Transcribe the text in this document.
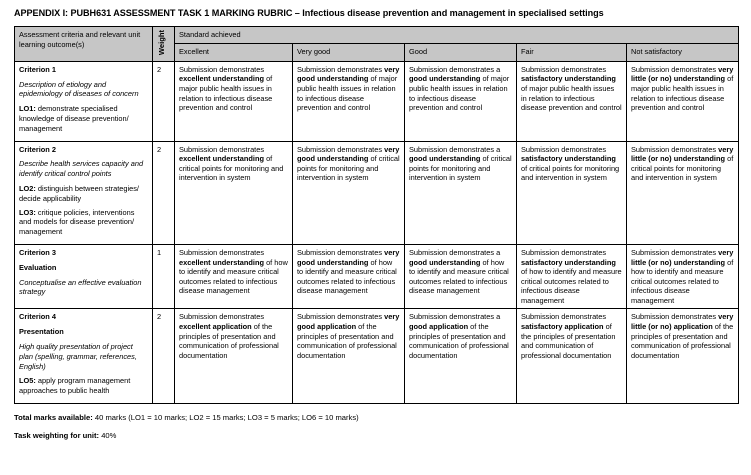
APPENDIX I: PUBH631 ASSESSMENT TASK 1 MARKING RUBRIC – Infectious disease prevention and management in specialised settings
Assessment criteria and relevant unit learning outcome(s)	Weight	Standard achieved				
		Excellent	Very good	Good	Fair	Not satisfactory

Criterion 1
Description of etiology and epidemiology of diseases of concern
LO1: demonstrate specialised knowledge of disease prevention/ management	2	Submission demonstrates excellent understanding of major public health issues in relation to infectious disease prevention and control	Submission demonstrates very good understanding of major public health issues in relation to infectious disease prevention and control	Submission demonstrates a good understanding of major public health issues in relation to infectious disease prevention and control	Submission demonstrates satisfactory understanding of major public health issues in relation to infectious disease prevention and control	Submission demonstrates very little (or no) understanding of major public health issues in relation to infectious disease prevention and control

Criterion 2
Describe health services capacity and identify critical control points
LO2: distinguish between strategies/ decide applicability
LO3: critique policies, interventions and models for disease prevention/ management	2	Submission demonstrates excellent understanding of critical points for monitoring and intervention in system	Submission demonstrates very good understanding of critical points for monitoring and intervention in system	Submission demonstrates a good understanding of critical points for monitoring and intervention in system	Submission demonstrates satisfactory understanding of critical points for monitoring and intervention in system	Submission demonstrates very little (or no) understanding of critical points for monitoring and intervention in system

Criterion 3
Evaluation
Conceptualise an effective evaluation strategy	1	Submission demonstrates excellent understanding of how to identify and measure critical outcomes related to infectious disease management	Submission demonstrates very good understanding of how to identify and measure critical outcomes related to infectious disease management	Submission demonstrates a good understanding of how to identify and measure critical outcomes related to infectious disease management	Submission demonstrates satisfactory understanding of how to identify and measure critical outcomes related to infectious disease management	Submission demonstrates very little (or no) understanding of how to identify and measure critical outcomes related to infectious disease management

Criterion 4
Presentation
High quality presentation of project plan (spelling, grammar, references, English)
LO5: apply program management approaches to public health	2	Submission demonstrates excellent application of the principles of presentation and communication of professional documentation	Submission demonstrates very good application of the principles of presentation and communication of professional documentation	Submission demonstrates a good application of the principles of presentation and communication of professional documentation	Submission demonstrates satisfactory application of the principles of presentation and communication of professional documentation	Submission demonstrates very little (or no) application of the principles of presentation and communication of professional documentation
Total marks available: 40 marks (LO1 = 10 marks; LO2 = 15 marks; LO3 = 5 marks; LO6 = 10 marks)
Task weighting for unit: 40%
